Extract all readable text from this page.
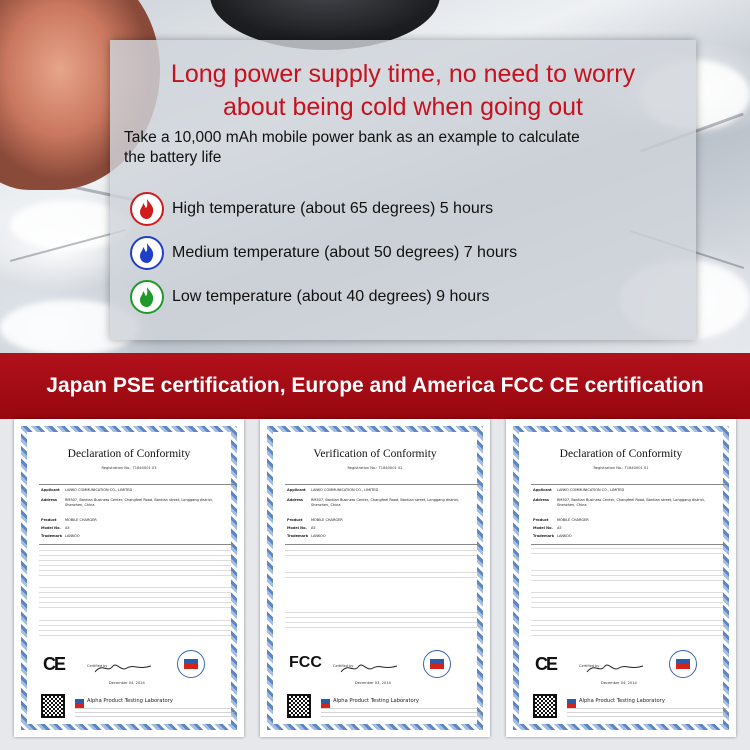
Long power supply time, no need to worry
about being cold when going out
Take a 10,000 mAh mobile power bank as an example to calculate
the battery life
High temperature (about 65 degrees) 5 hours
Medium temperature (about 50 degrees) 7 hours
Low temperature (about 40 degrees) 9 hours
Japan PSE certification, Europe and America FCC CE certification
Declaration of Conformity
Registration No.: T1840001 03
Applicant	LANKO COMMUNICATION CO., LIMITED
Address	RM507, Bantian Business Center, Changfeel Road, Bantian street, Longgang district, Shenzhen, China
Product	MOBILE CHARGER
Model No.	A5
Trademark LANKOO
CE	Certified by
December 04, 2014
Alpha Product Testing Laboratory
Verification of Conformity
Registration No.: T1840001 02
Applicant	LANKO COMMUNICATION CO., LIMITED
Address	RM507, Bantian Business Center, Changfeel Road, Bantian street, Longgang district, Shenzhen, China
Product	MOBILE CHARGER
Model No.	A5
Trademark LANKOO
FCC	Certified by
December 03, 2014
Alpha Product Testing Laboratory
Declaration of Conformity
Registration No.: T1840001 01
Applicant	LANKO COMMUNICATION CO., LIMITED
Address	RM507, Bantian Business Center, Changfeel Road, Bantian street, Longgang district, Shenzhen, China
Product	MOBILE CHARGER
Model No.	A5
Trademark LANKOO
CE	Certified by
December 04, 2014
Alpha Product Testing Laboratory
